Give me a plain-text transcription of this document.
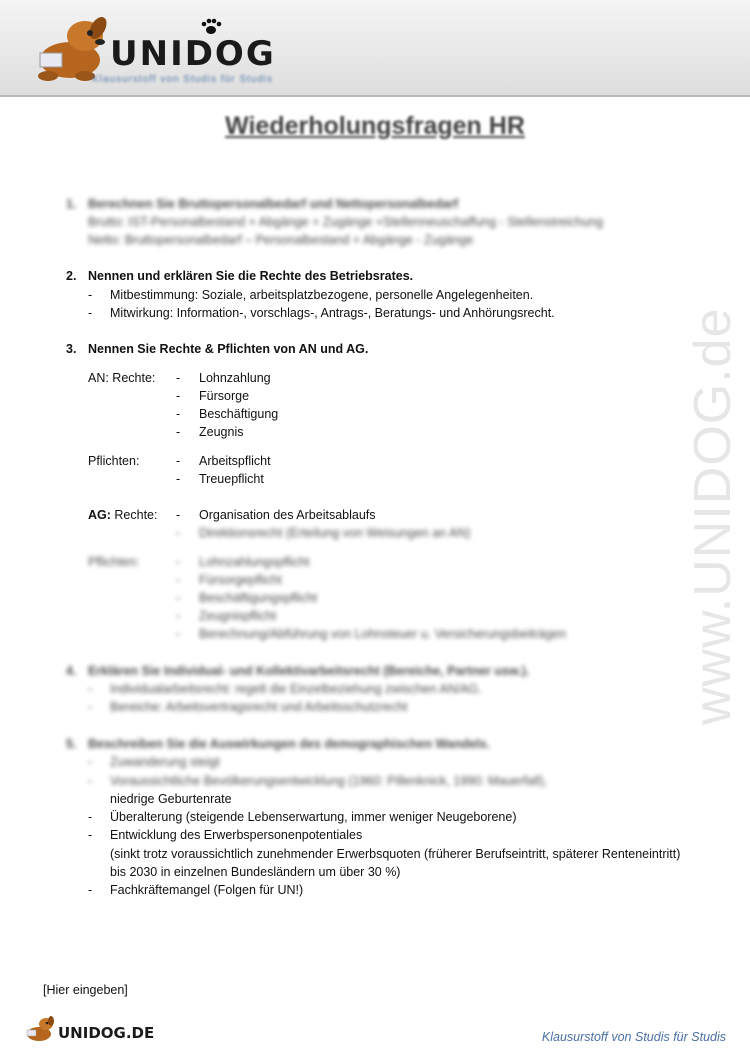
UNIDOG
Klausurstoff von Studis für Studis
www.UNIDOG.de
Wiederholungsfragen HR
1. Berechnen Sie Bruttopersonalbedarf und Nettopersonalbedarf
Brutto: IST-Personalbestand + Abgänge + Zugänge +Stellenneuschaffung - Stellenstreichung
Netto: Bruttopersonalbedarf – Personalbestand + Abgänge - Zugänge
2. Nennen und erklären Sie die Rechte des Betriebsrates.
- Mitbestimmung: Soziale, arbeitsplatzbezogene, personelle Angelegenheiten.
- Mitwirkung: Information-, vorschlags-, Antrags-, Beratungs- und Anhörungsrecht.
3. Nennen Sie Rechte & Pflichten von AN und AG.
AN: Rechte: - Lohnzahlung
- Fürsorge
- Beschäftigung
- Zeugnis
Pflichten:	- Arbeitspflicht
- Treuepflicht
AG: Rechte: - Organisation des Arbeitsablaufs
- Direktionsrecht (Erteilung von Weisungen an AN)
Pflichten:	- Lohnzahlungspflicht
- Fürsorgepflicht
- Beschäftigungspflicht
- Zeugnispflicht
- Berechnung/Abführung von Lohnsteuer u. Versicherungsbeiträgen
4. Erklären Sie Individual- und Kollektivarbeitsrecht (Bereiche, Partner usw.).
- Individualarbeitsrecht: regelt die Einzelbeziehung zwischen AN/AG.
- Bereiche: Arbeitsvertragsrecht und Arbeitsschutzrecht
5. Beschreiben Sie die Auswirkungen des demographischen Wandels.
- Zuwanderung steigt
- Voraussichtliche Bevölkerungsentwicklung (1960: Pillenknick, 1990: Mauerfall),
niedrige Geburtenrate
- Überalterung (steigende Lebenserwartung, immer weniger Neugeborene)
- Entwicklung des Erwerbspersonenpotentiales
(sinkt trotz voraussichtlich zunehmender Erwerbsquoten (früherer Berufseintritt, späterer Renteneintritt)
bis 2030 in einzelnen Bundesländern um über 30 %)
- Fachkräftemangel (Folgen für UN!)
[Hier eingeben]
UNIDOG.DE	Klausurstoff von Studis für Studis
